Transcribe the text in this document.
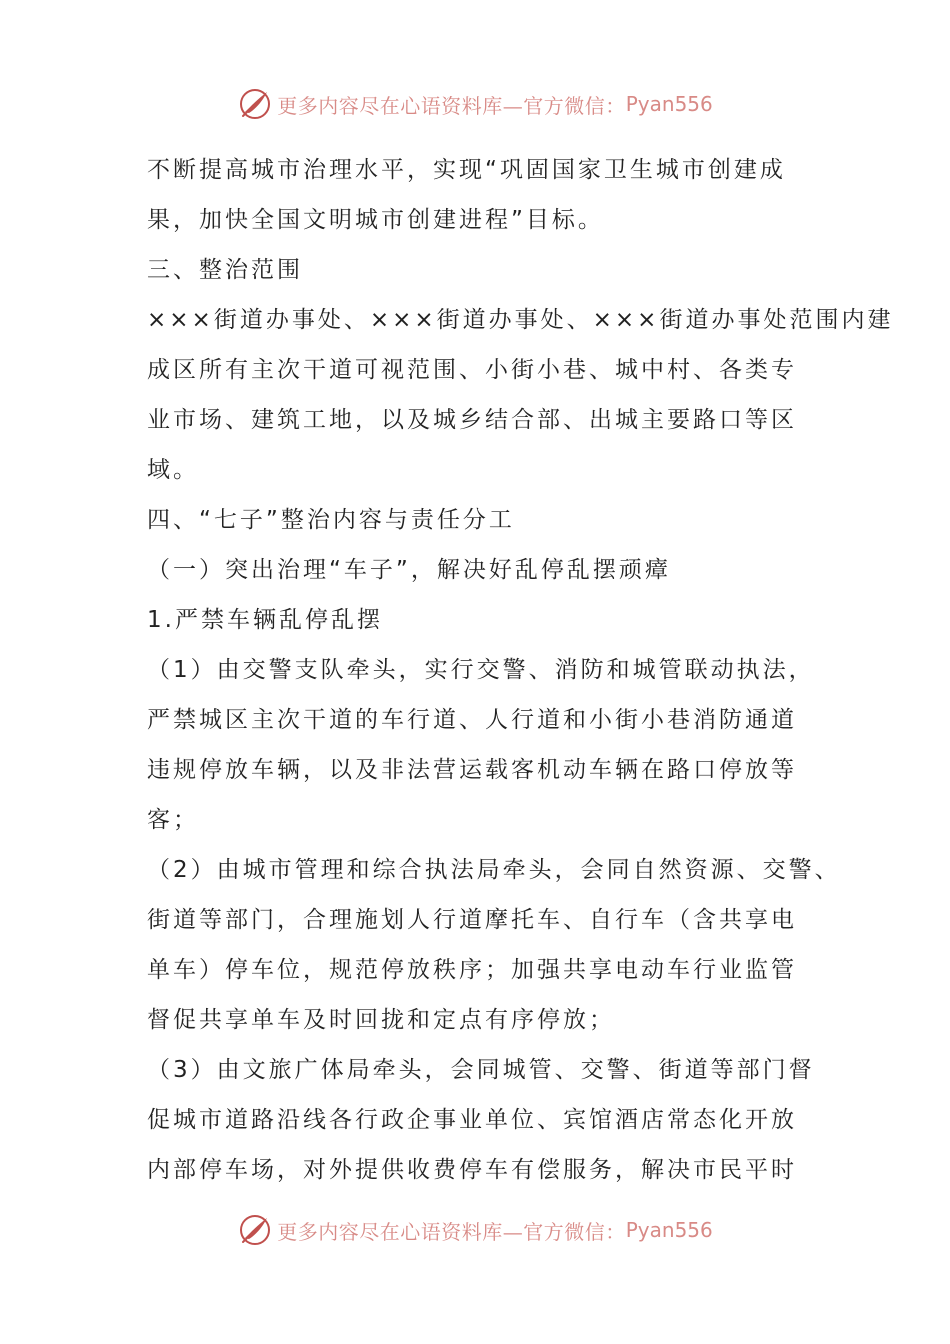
更多内容尽在心语资料库—官方微信： Pyan556

不断提高城市治理水平，实现“巩固国家卫生城市创建成
果，加快全国文明城市创建进程”目标。
三、整治范围
×××街道办事处、×××街道办事处、×××街道办事处范围内建
成区所有主次干道可视范围、小街小巷、城中村、各类专
业市场、建筑工地，以及城乡结合部、出城主要路口等区
域。
四、“七子”整治内容与责任分工
（一）突出治理“车子”，解决好乱停乱摆顽瘴
1.严禁车辆乱停乱摆
（1）由交警支队牵头，实行交警、消防和城管联动执法，
严禁城区主次干道的车行道、人行道和小街小巷消防通道
违规停放车辆，以及非法营运载客机动车辆在路口停放等
客；
（2）由城市管理和综合执法局牵头，会同自然资源、交警、
街道等部门，合理施划人行道摩托车、自行车（含共享电
单车）停车位，规范停放秩序；加强共享电动车行业监管
督促共享单车及时回拢和定点有序停放；
（3）由文旅广体局牵头，会同城管、交警、街道等部门督
促城市道路沿线各行政企事业单位、宾馆酒店常态化开放
内部停车场，对外提供收费停车有偿服务，解决市民平时

更多内容尽在心语资料库—官方微信： Pyan556
